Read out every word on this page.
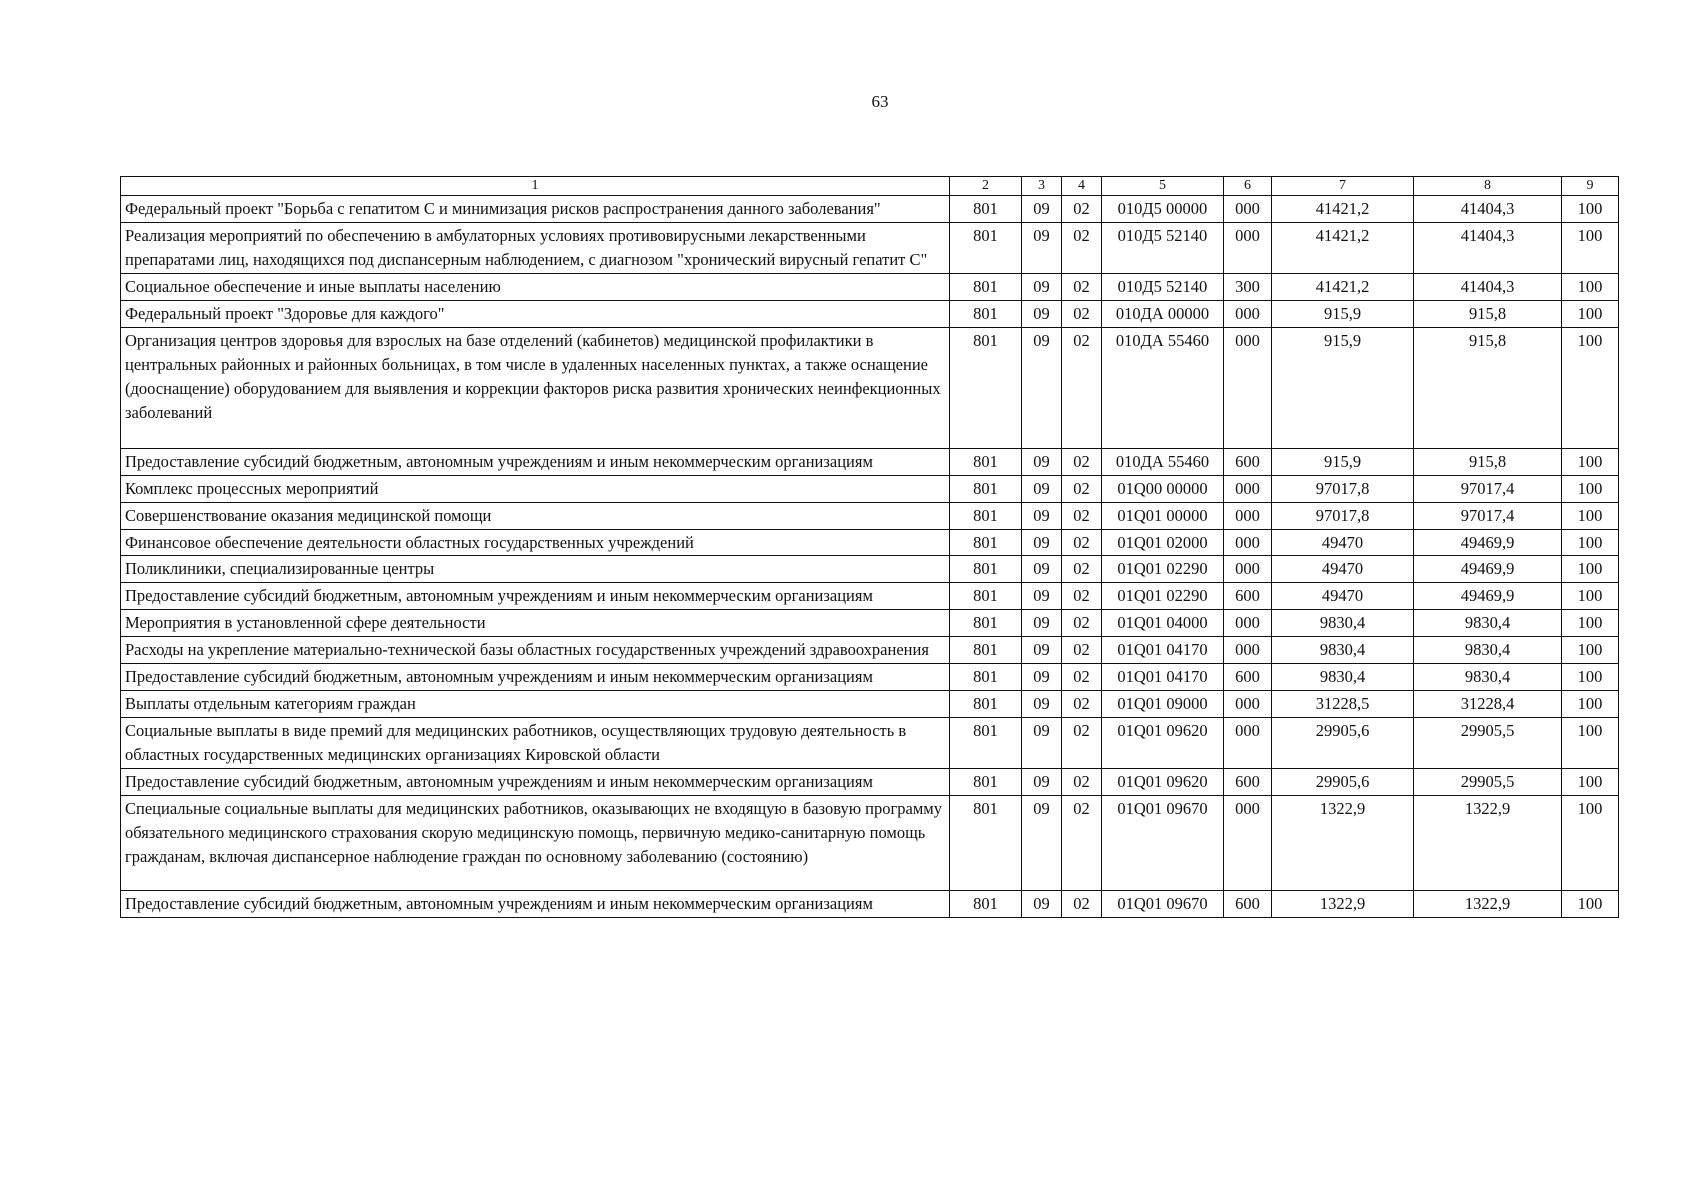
63
1	2	3	4	5	6	7	8	9
Федеральный проект "Борьба с гепатитом С и минимизация рисков распространения данного заболевания"	801	09	02	010Д5 00000	000	41421,2	41404,3	100
Реализация мероприятий по обеспечению в амбулаторных условиях противовирусными лекарственными препаратами лиц, находящихся под диспансерным наблюдением, с диагнозом "хронический вирусный гепатит С"	801	09	02	010Д5 52140	000	41421,2	41404,3	100
Социальное обеспечение и иные выплаты населению	801	09	02	010Д5 52140	300	41421,2	41404,3	100
Федеральный проект "Здоровье для каждого"	801	09	02	010ДА 00000	000	915,9	915,8	100
Организация центров здоровья для взрослых на базе отделений (кабинетов) медицинской профилактики в центральных районных и районных больницах, в том числе в удаленных населенных пунктах, а также оснащение (дооснащение) оборудованием для выявления и коррекции факторов риска развития хронических неинфекционных заболеваний	801	09	02	010ДА 55460	000	915,9	915,8	100
Предоставление субсидий бюджетным, автономным учреждениям и иным некоммерческим организациям	801	09	02	010ДА 55460	600	915,9	915,8	100
Комплекс процессных мероприятий	801	09	02	01Q00 00000	000	97017,8	97017,4	100
Совершенствование оказания медицинской помощи	801	09	02	01Q01 00000	000	97017,8	97017,4	100
Финансовое обеспечение деятельности областных государственных учреждений	801	09	02	01Q01 02000	000	49470	49469,9	100
Поликлиники, специализированные центры	801	09	02	01Q01 02290	000	49470	49469,9	100
Предоставление субсидий бюджетным, автономным учреждениям и иным некоммерческим организациям	801	09	02	01Q01 02290	600	49470	49469,9	100
Мероприятия в установленной сфере деятельности	801	09	02	01Q01 04000	000	9830,4	9830,4	100
Расходы на укрепление материально-технической базы областных государственных учреждений здравоохранения	801	09	02	01Q01 04170	000	9830,4	9830,4	100
Предоставление субсидий бюджетным, автономным учреждениям и иным некоммерческим организациям	801	09	02	01Q01 04170	600	9830,4	9830,4	100
Выплаты отдельным категориям граждан	801	09	02	01Q01 09000	000	31228,5	31228,4	100
Социальные выплаты в виде премий для медицинских работников, осуществляющих трудовую деятельность в областных государственных медицинских организациях Кировской области	801	09	02	01Q01 09620	000	29905,6	29905,5	100
Предоставление субсидий бюджетным, автономным учреждениям и иным некоммерческим организациям	801	09	02	01Q01 09620	600	29905,6	29905,5	100
Специальные социальные выплаты для медицинских работников, оказывающих не входящую в базовую программу обязательного медицинского страхования скорую медицинскую помощь, первичную медико-санитарную помощь гражданам, включая диспансерное наблюдение граждан по основному заболеванию (состоянию)	801	09	02	01Q01 09670	000	1322,9	1322,9	100
Предоставление субсидий бюджетным, автономным учреждениям и иным некоммерческим организациям	801	09	02	01Q01 09670	600	1322,9	1322,9	100
